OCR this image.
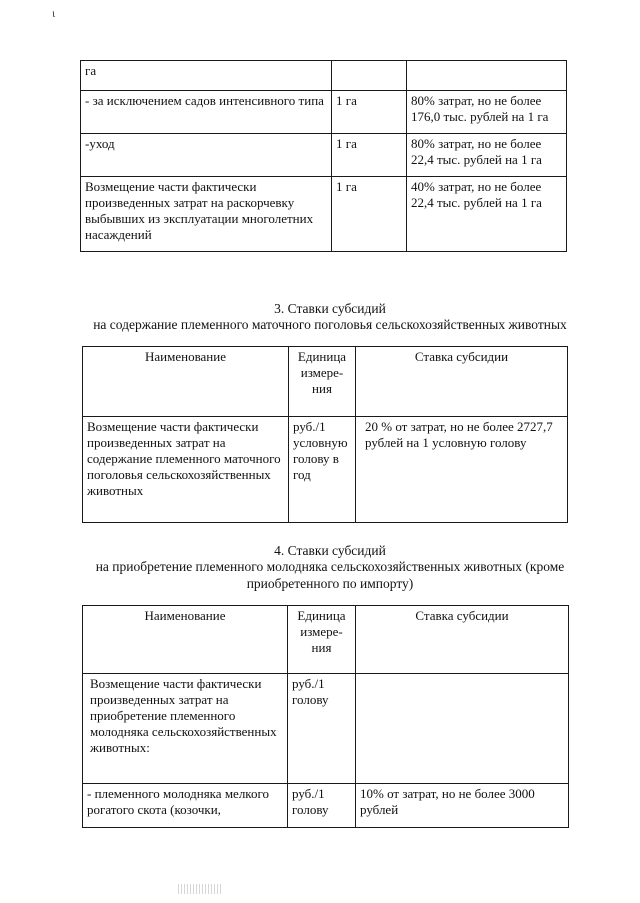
ι
га		
- за исключением садов интенсивного типа	1 га	80% затрат, но не более 176,0 тыс. рублей на 1 га
-уход	1 га	80% затрат, но не более 22,4 тыс. рублей на 1 га
Возмещение части фактически произведенных затрат на раскорчевку выбывших из эксплуатации многолетних насаждений	1 га	40% затрат, но не более 22,4 тыс. рублей на 1 га
3. Ставки субсидий
на содержание племенного маточного поголовья сельскохозяйственных животных
Наименование	Единица измере-ния	Ставка субсидии
Возмещение части фактически произведенных затрат на содержание племенного маточного поголовья сельскохозяйственных животных	руб./1 условную голову в год	20 % от затрат, но не более 2727,7 рублей на 1 условную голову
4. Ставки субсидий
на приобретение племенного молодняка сельскохозяйственных животных (кроме приобретенного по импорту)
Наименование	Единица измере-ния	Ставка субсидии
Возмещение части фактически произведенных затрат на приобретение племенного молодняка сельскохозяйственных животных:	руб./1 голову	
- племенного молодняка мелкого рогатого скота (козочки,	руб./1 голову	10% от затрат, но не более 3000 рублей
